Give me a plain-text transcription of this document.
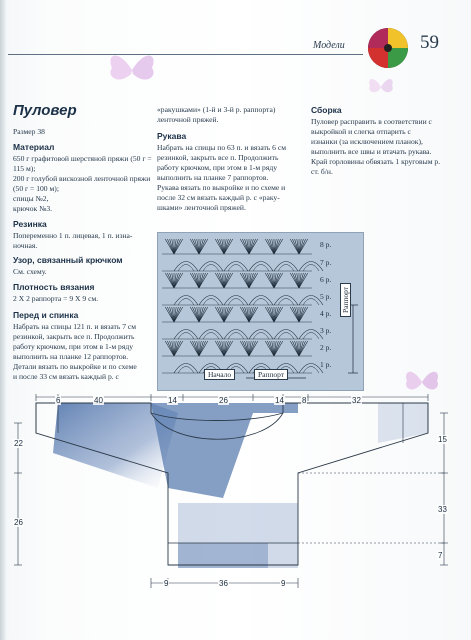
Модели	59
Пуловер
Размер 38
Материал
650 г графитовой шерстяной пряжи (50 г = 115 м);
200 г голубой вискозной ленточной пряжи (50 г = 100 м);
спицы №2,
крючок №3.
Резинка
Попеременно 1 п. лицевая, 1 п. изна-
ночная.
Узор, связанный крючком
См. схему.
Плотность вязания
2 Х 2 раппорта = 9 Х 9 см.
Перед и спинка
Набрать на спицы 121 п. и вязать 7 см
резинкой, закрыть все п. Продолжить
работу крючком, при этом в 1-м ряду
выполнить на планке 12 раппортов.
Детали вязать по выкройке и по схеме
и после 33 см вязать каждый р. с
«ракушками» (1-й и 3-й р. раппорта)
ленточной пряжей.
Рукава
Набрать на спицы по 63 п. и вязать 6 см
резинкой, закрыть все п. Продолжить
работу крючком, при этом в 1-м ряду
выполнить на планке 7 раппортов.
Рукава вязать по выкройке и по схеме и
после 32 см вязать каждый р. с «раку-
шками» ленточной пряжей.
Сборка
Пуловер расправить в соответствии с
выкройкой и слегка отпарить с
изнанки (за исключением планок),
выполнить все швы и втачать рукава.
Край горловины обвязать 1 круговым р.
ст. б/н.
8 р.
7 р.
6 р.
5 р.
4 р.
3 р.
2 р.
1 р.
Раппорт
Начало	Раппорт
6	40	14	26	14 8	32
22
26
15
33
7
9	36	9
